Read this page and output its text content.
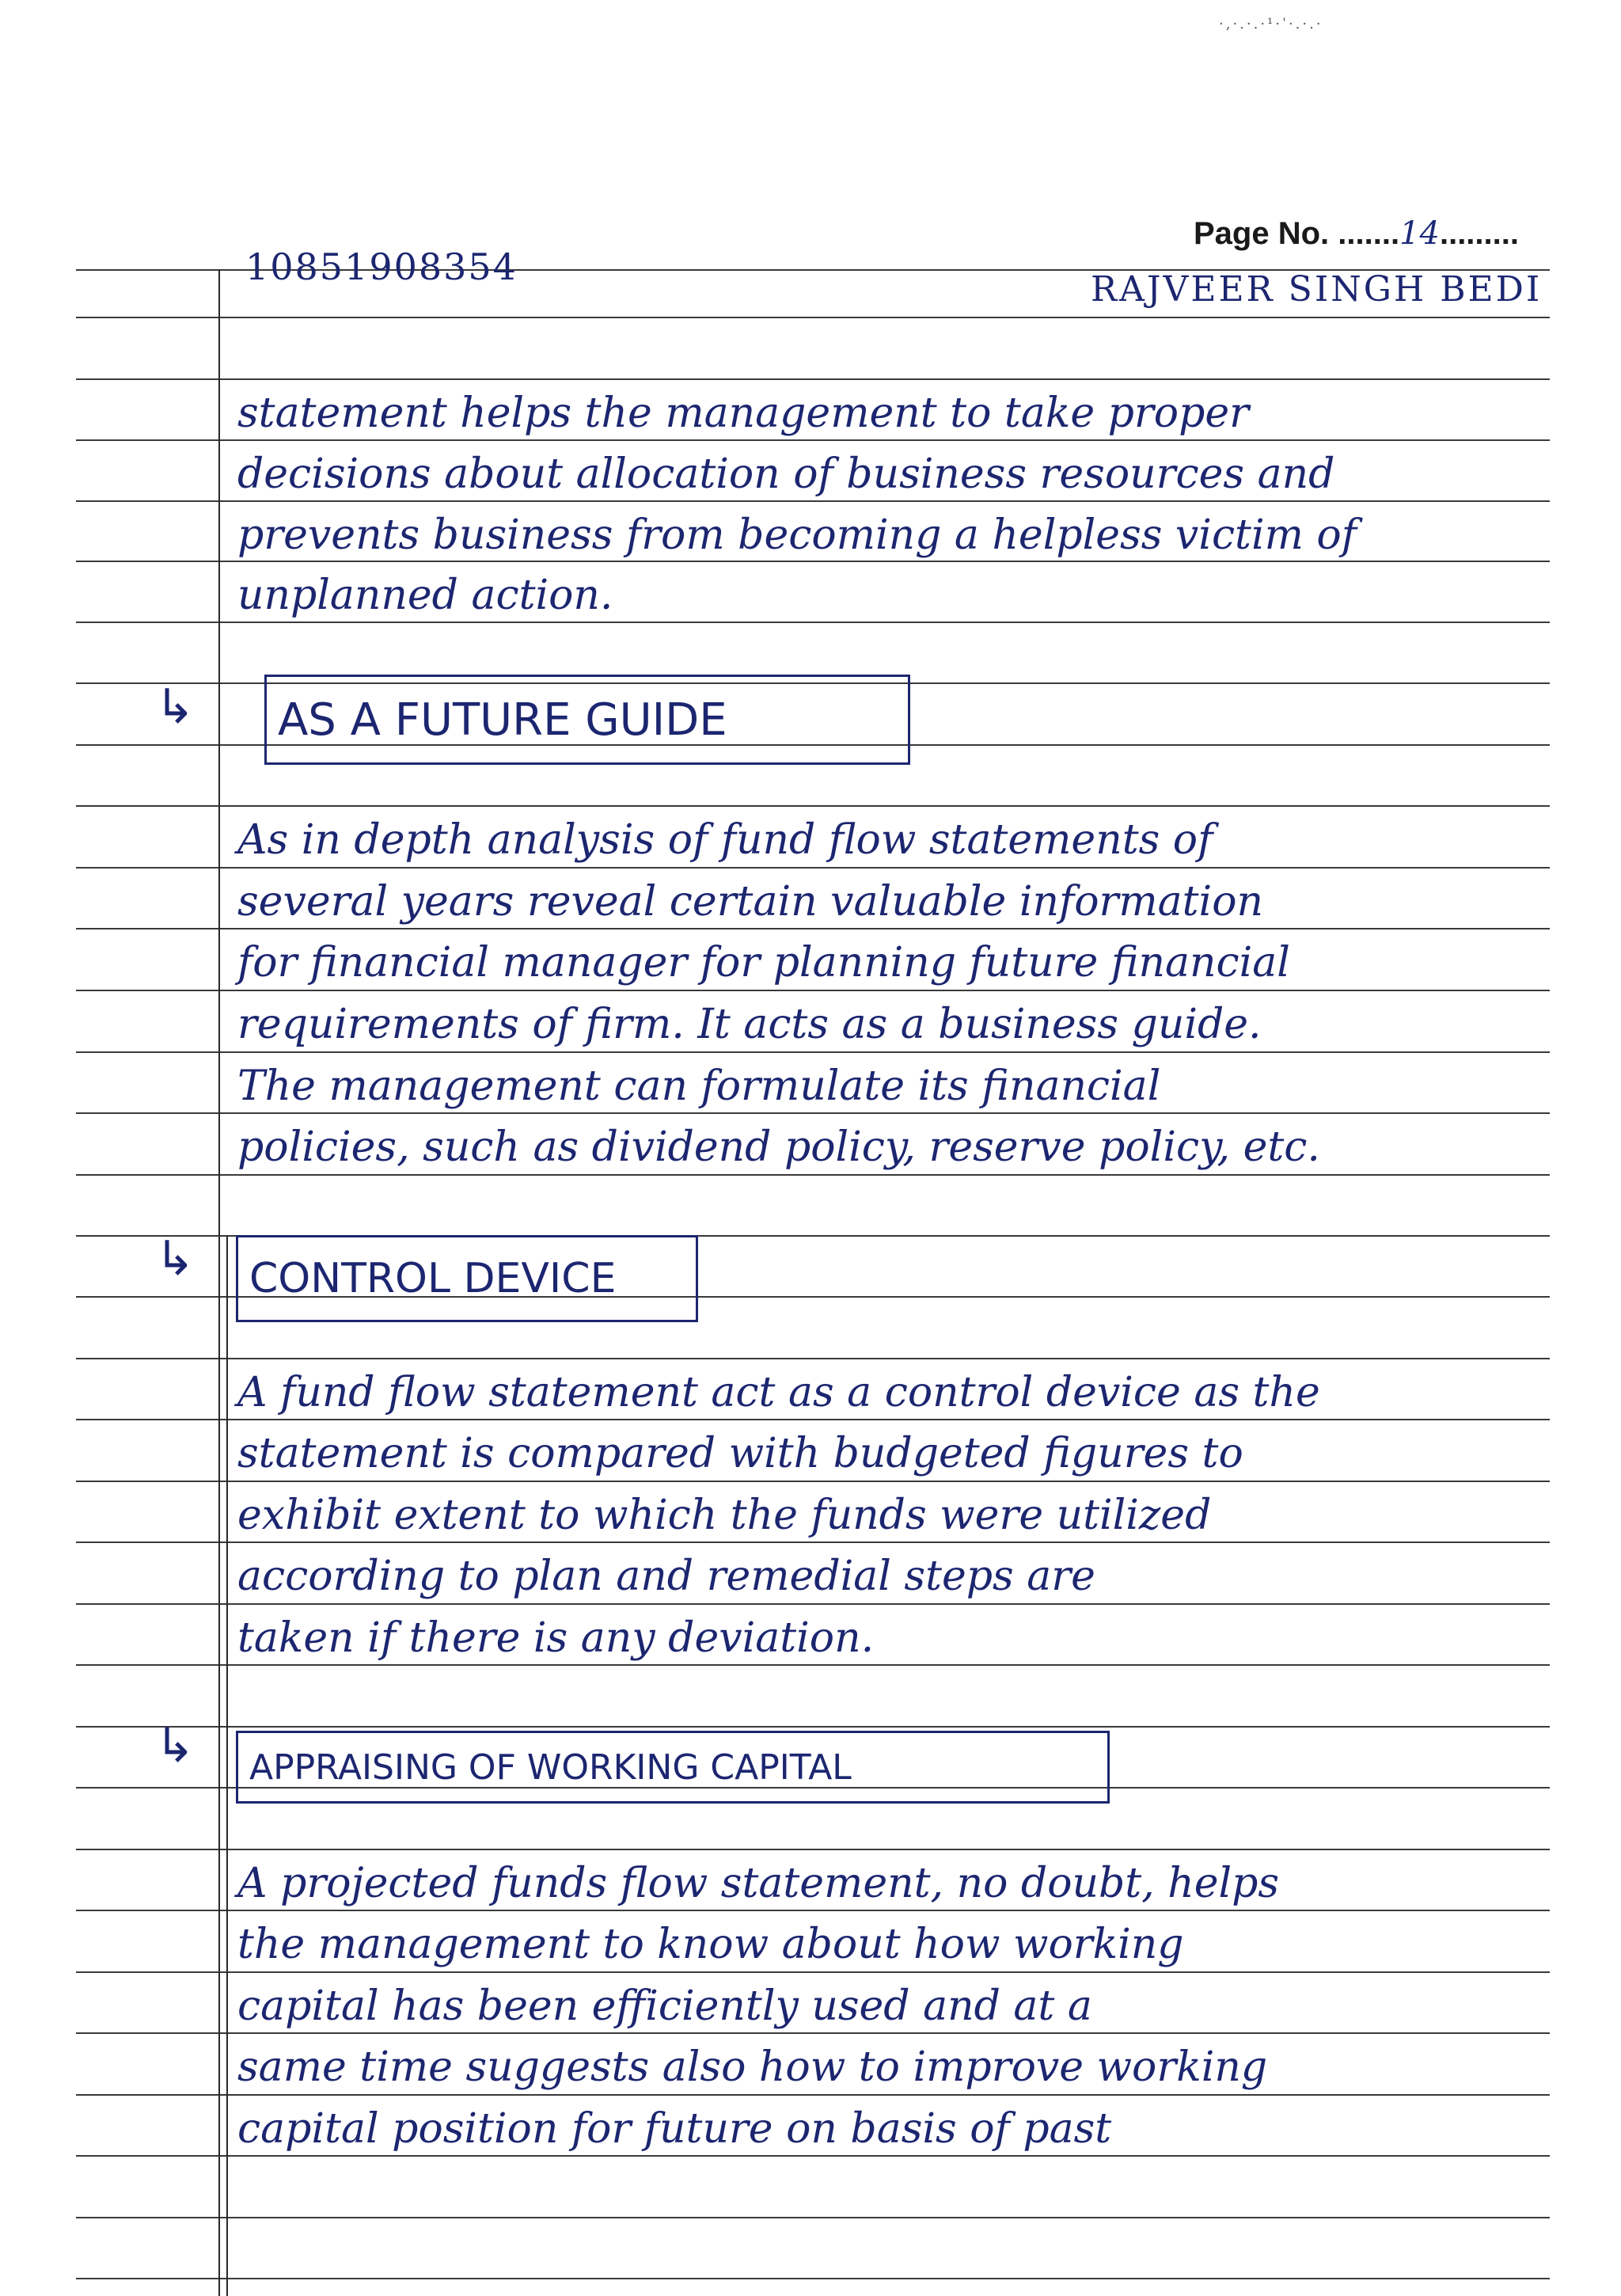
·,·.·.·¹·ˈ·.·.·
Page No. .......14.........
10851908354
RAJVEER SINGH BEDI
statement helps the management to take proper
decisions about allocation of business resources and
prevents business from becoming a helpless victim of
unplanned action.
↳	AS A FUTURE GUIDE
As in depth analysis of fund flow statements of
several years reveal certain valuable information
for financial manager for planning future financial
requirements of firm. It acts as a business guide.
The management can formulate its financial
policies, such as dividend policy, reserve policy, etc.
↳	CONTROL DEVICE
A fund flow statement act as a control device as the
statement is compared with budgeted figures to
exhibit extent to which the funds were utilized
according to plan and remedial steps are
taken if there is any deviation.
↳	APPRAISING OF WORKING CAPITAL
A projected funds flow statement, no doubt, helps
the management to know about how working
capital has been efficiently used and at a
same time suggests also how to improve working
capital position for future on basis of past
